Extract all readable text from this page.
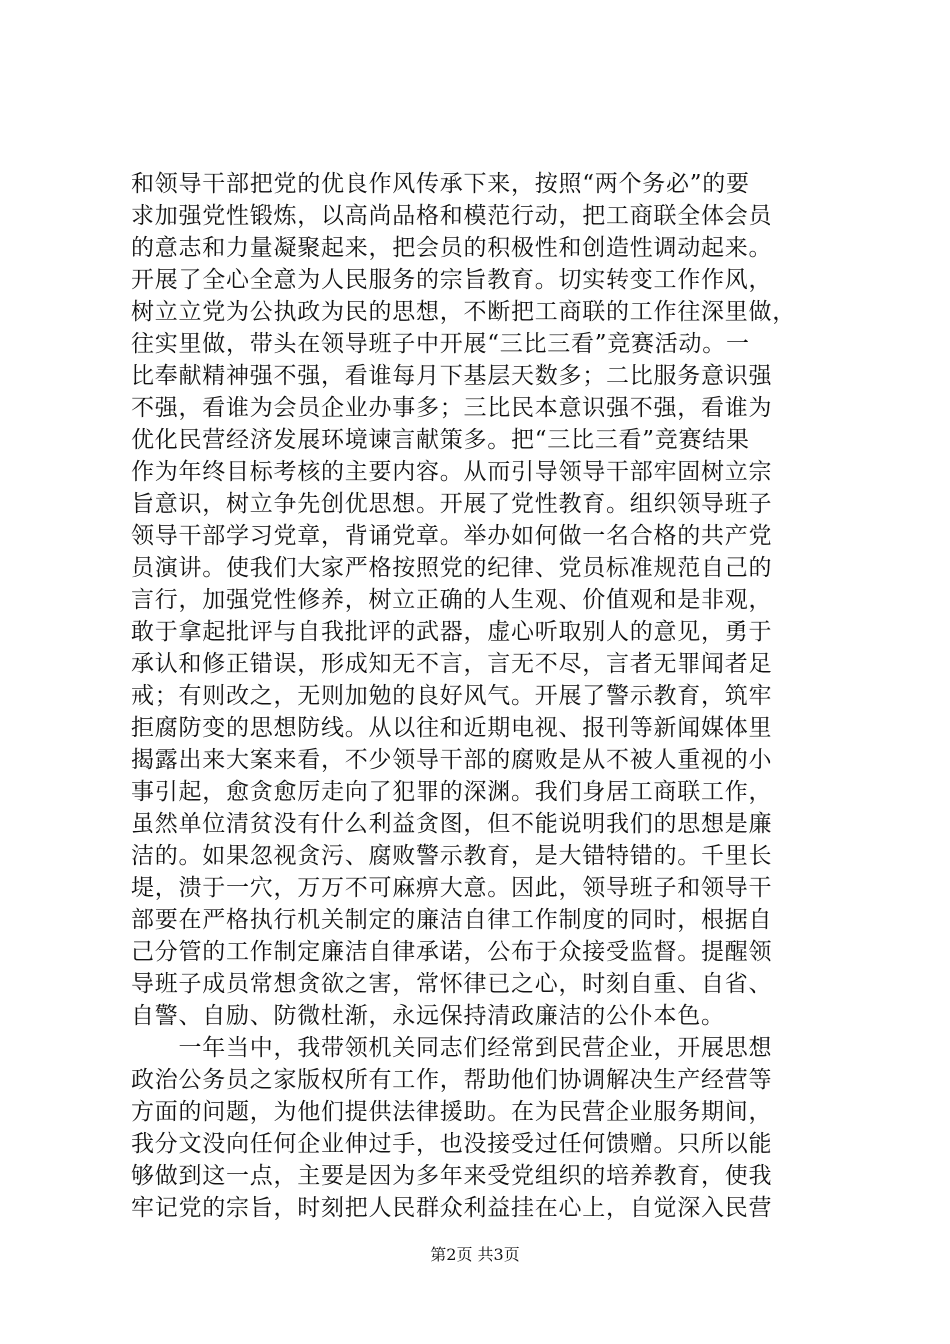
和领导干部把党的优良作风传承下来，按照“两个务必”的要
求加强党性锻炼，以高尚品格和模范行动，把工商联全体会员
的意志和力量凝聚起来，把会员的积极性和创造性调动起来。
开展了全心全意为人民服务的宗旨教育。切实转变工作作风，
树立立党为公执政为民的思想，不断把工商联的工作往深里做，
往实里做，带头在领导班子中开展“三比三看”竞赛活动。一
比奉献精神强不强，看谁每月下基层天数多；二比服务意识强
不强，看谁为会员企业办事多；三比民本意识强不强，看谁为
优化民营经济发展环境谏言献策多。把“三比三看”竞赛结果
作为年终目标考核的主要内容。从而引导领导干部牢固树立宗
旨意识，树立争先创优思想。开展了党性教育。组织领导班子
领导干部学习党章，背诵党章。举办如何做一名合格的共产党
员演讲。使我们大家严格按照党的纪律、党员标准规范自己的
言行，加强党性修养，树立正确的人生观、价值观和是非观，
敢于拿起批评与自我批评的武器，虚心听取别人的意见，勇于
承认和修正错误，形成知无不言，言无不尽，言者无罪闻者足
戒；有则改之，无则加勉的良好风气。开展了警示教育，筑牢
拒腐防变的思想防线。从以往和近期电视、报刊等新闻媒体里
揭露出来大案来看，不少领导干部的腐败是从不被人重视的小
事引起，愈贪愈厉走向了犯罪的深渊。我们身居工商联工作，
虽然单位清贫没有什么利益贪图，但不能说明我们的思想是廉
洁的。如果忽视贪污、腐败警示教育，是大错特错的。千里长
堤，溃于一穴，万万不可麻痹大意。因此，领导班子和领导干
部要在严格执行机关制定的廉洁自律工作制度的同时，根据自
己分管的工作制定廉洁自律承诺，公布于众接受监督。提醒领
导班子成员常想贪欲之害，常怀律已之心，时刻自重、自省、
自警、自励、防微杜渐，永远保持清政廉洁的公仆本色。
　　一年当中，我带领机关同志们经常到民营企业，开展思想
政治公务员之家版权所有工作，帮助他们协调解决生产经营等
方面的问题，为他们提供法律援助。在为民营企业服务期间，
我分文没向任何企业伸过手，也没接受过任何馈赠。只所以能
够做到这一点，主要是因为多年来受党组织的培养教育，使我
牢记党的宗旨，时刻把人民群众利益挂在心上，自觉深入民营
第2页 共3页
